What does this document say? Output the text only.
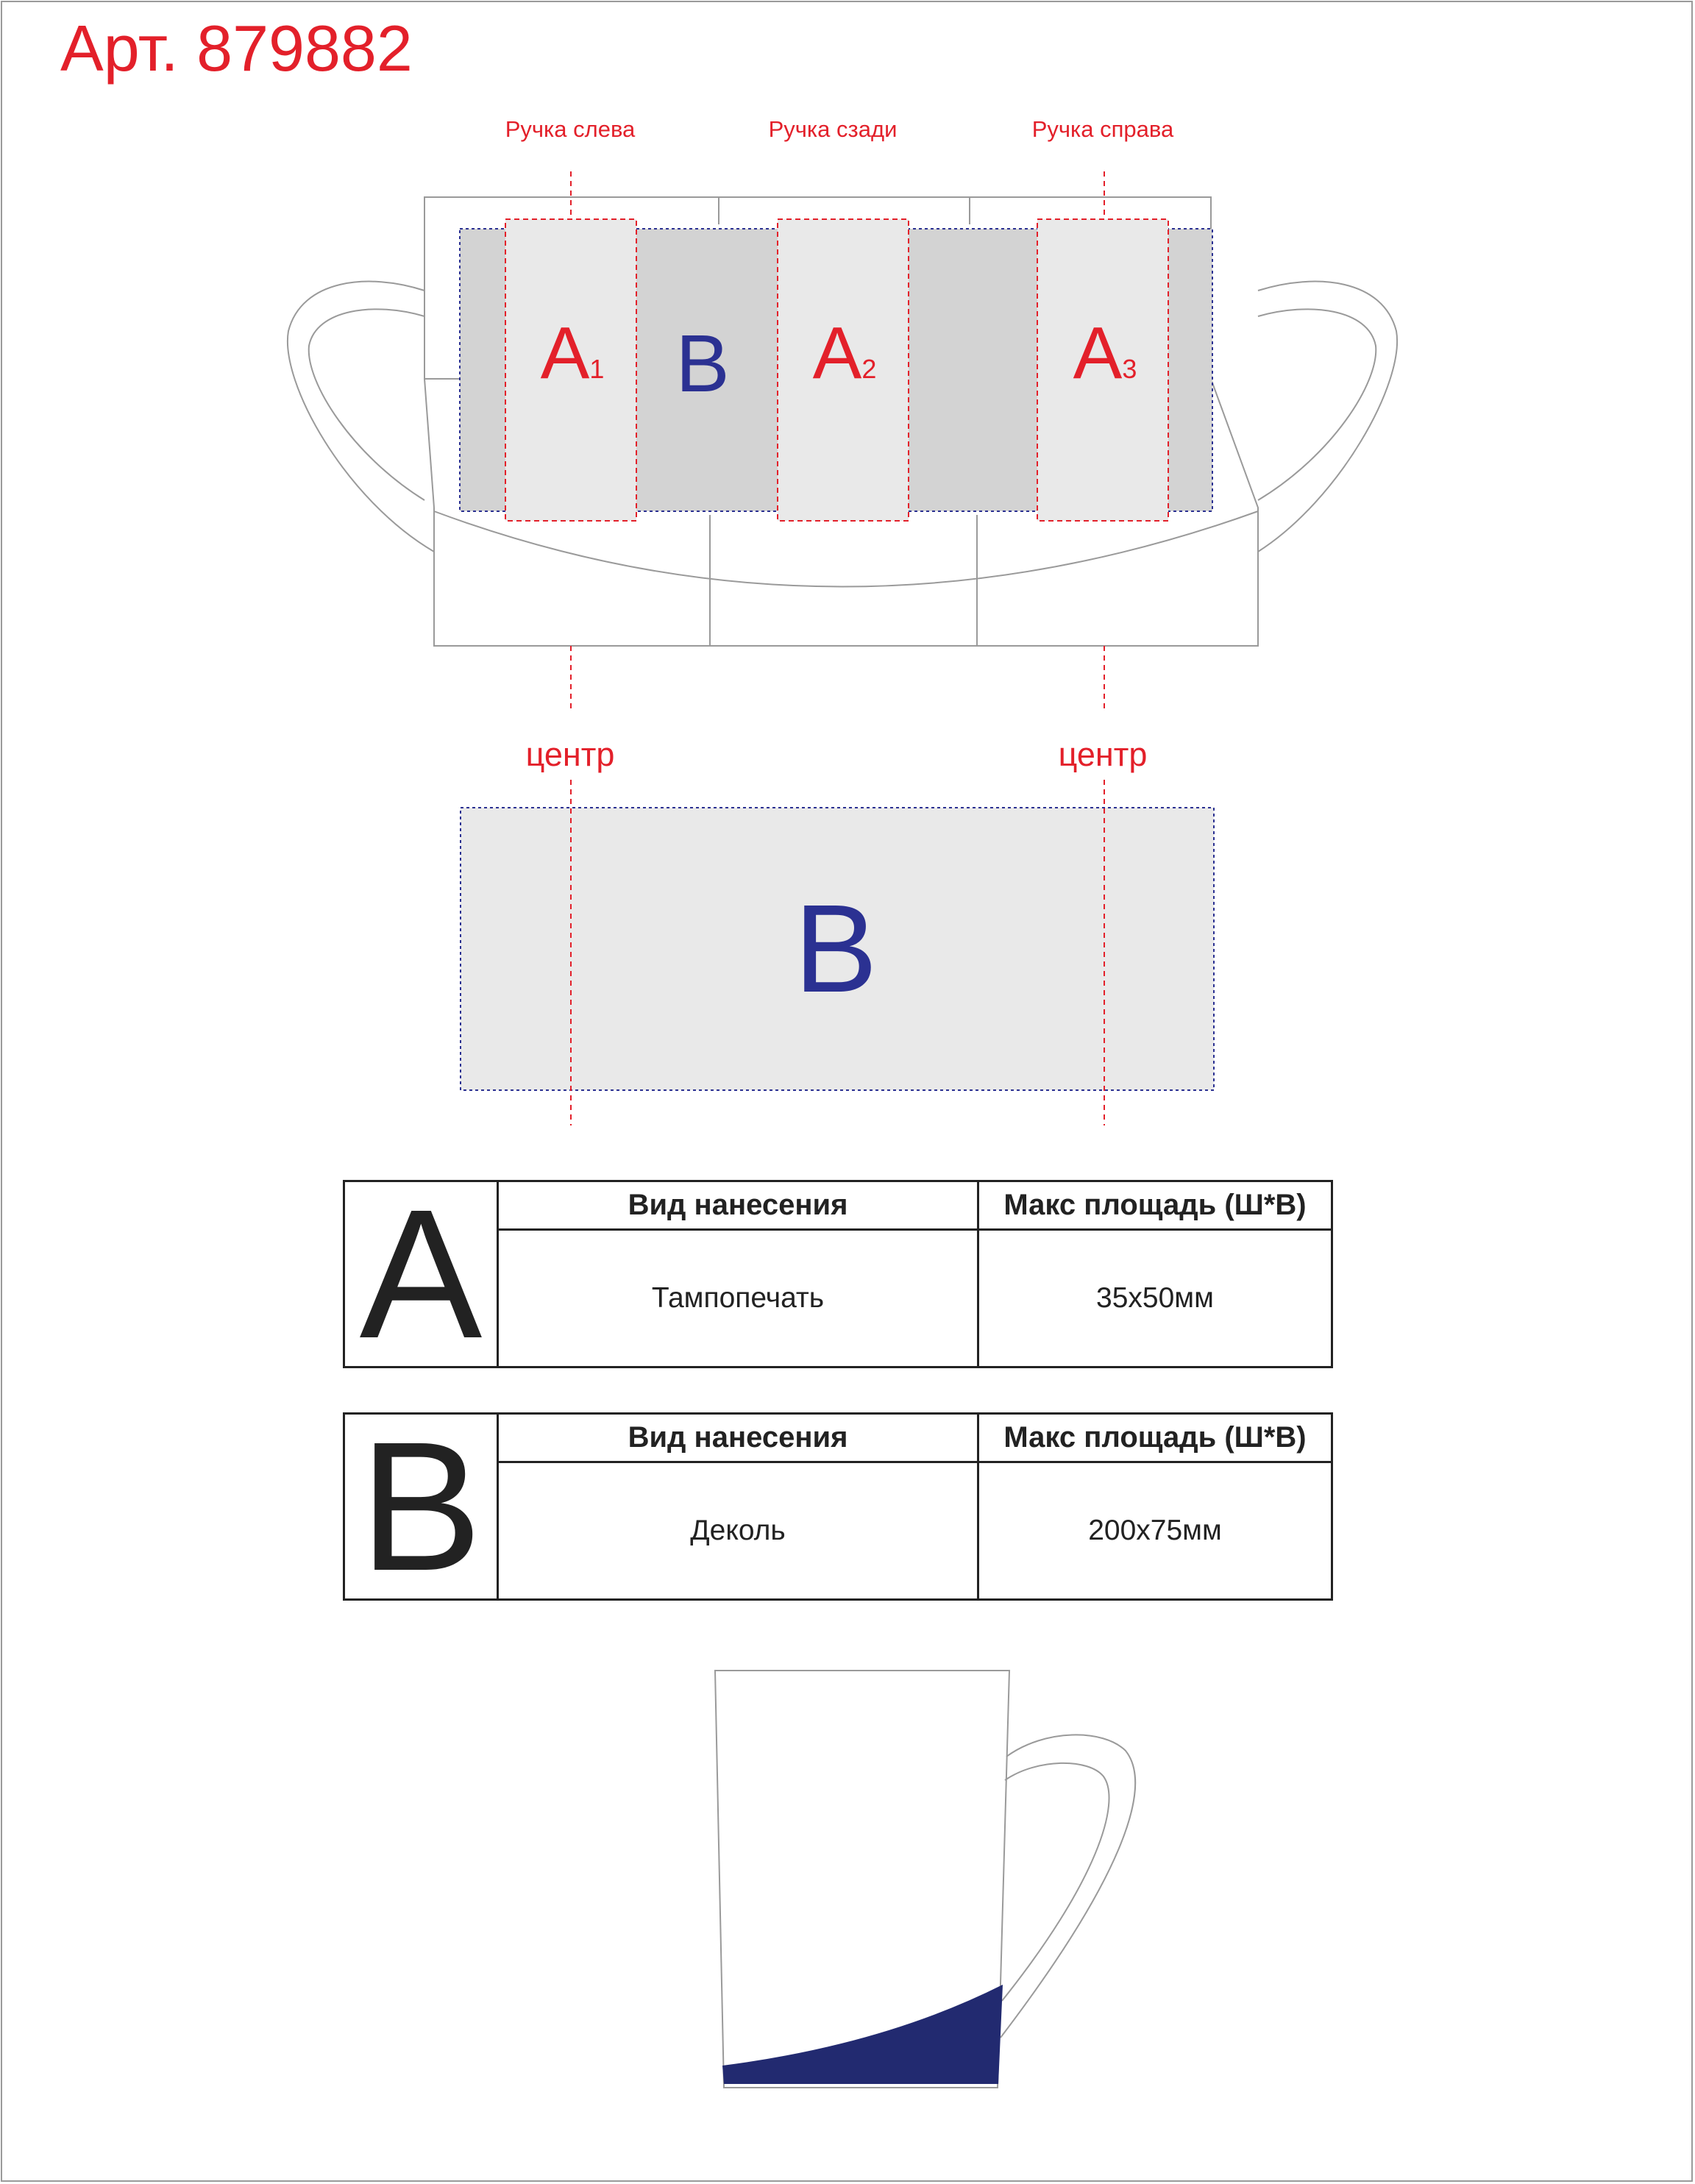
Арт. 879882
Ручка слева	Ручка сзади	Ручка справа
A1 B A2	A3
центр	центр
B
A	Вид нанесения	Макс площадь (Ш*В)
	Тампопечать	35x50мм
B	Вид нанесения	Макс площадь (Ш*В)
	Деколь	200x75мм
